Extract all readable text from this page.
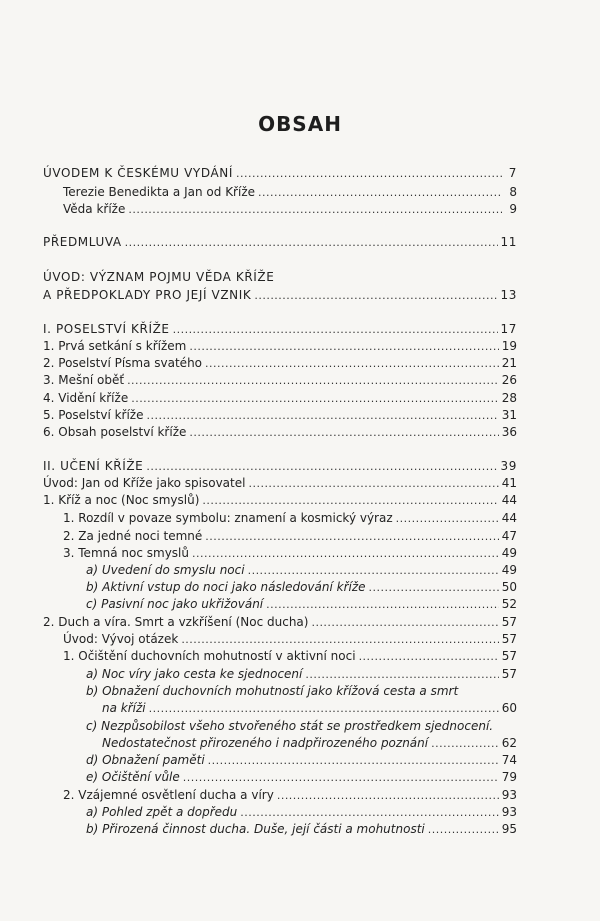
OBSAH
ÚVODEM K ČESKÉMU VYDÁNÍ . . .	7
Terezie Benedikta a Jan od Kříže . . .	8
Věda kříže . . .	9
PŘEDMLUVA . . .	11
ÚVOD: VÝZNAM POJMU VĚDA KŘÍŽE
A PŘEDPOKLADY PRO JEJÍ VZNIK . . .	13
I. POSELSTVÍ KŘÍŽE . . .	17
1. Prvá setkání s křížem . . .	19
2. Poselství Písma svatého . . .	21
3. Mešní oběť . . .	26
4. Vidění kříže . . .	28
5. Poselství kříže . . .	31
6. Obsah poselství kříže . . .	36
II. UČENÍ KŘÍŽE . . .	39
Úvod: Jan od Kříže jako spisovatel . . .	41
1. Kříž a noc (Noc smyslů) . . .	44
1. Rozdíl v povaze symbolu: znamení a kosmický výraz . . .	44
2. Za jedné noci temné . . .	47
3. Temná noc smyslů . . .	49
a) Uvedení do smyslu noci . . .	49
b) Aktivní vstup do noci jako následování kříže . . .	50
c) Pasivní noc jako ukřižování . . .	52
2. Duch a víra. Smrt a vzkříšení (Noc ducha) . . .	57
Úvod: Vývoj otázek . . .	57
1. Očištění duchovních mohutností v aktivní noci . . .	57
a) Noc víry jako cesta ke sjednocení . . .	57
b) Obnažení duchovních mohutností jako křížová cesta a smrt
na kříži . . .	60
c) Nezpůsobilost všeho stvořeného stát se prostředkem sjednocení.
Nedostatečnost přirozeného i nadpřirozeného poznání . . .	62
d) Obnažení paměti . . .	74
e) Očištění vůle . . .	79
2. Vzájemné osvětlení ducha a víry . . .	93
a) Pohled zpět a dopředu . . .	93
b) Přirozená činnost ducha. Duše, její části a mohutnosti . . .	95
